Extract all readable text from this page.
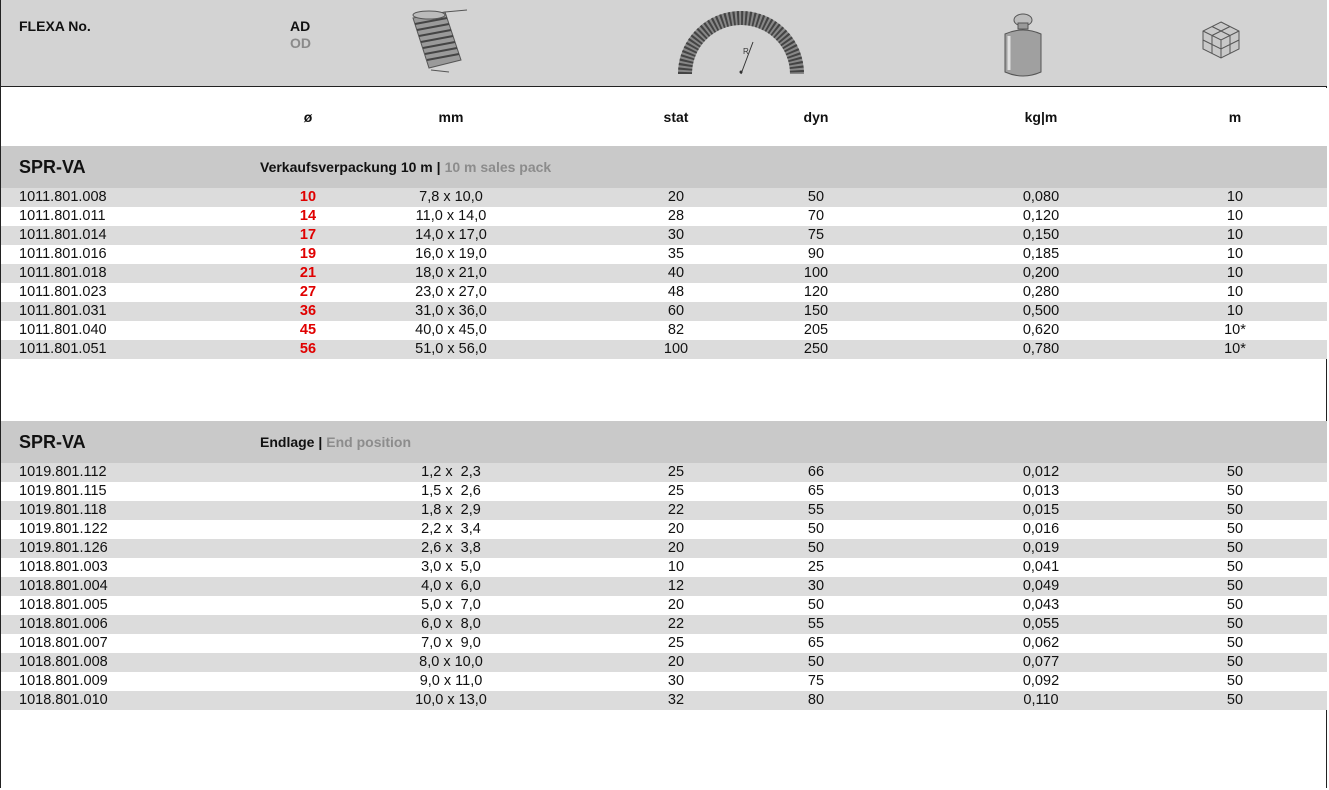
FLEXA No.	AD
OD
R
ø	mm	stat	dyn	kg|m	m
SPR-VA	Verkaufsverpackung 10 m | 10 m sales pack
1011.801.008	10	7,8 x 10,0	20	50	0,080	10
1011.801.011	14	11,0 x 14,0	28	70	0,120	10
1011.801.014	17	14,0 x 17,0	30	75	0,150	10
1011.801.016	19	16,0 x 19,0	35	90	0,185	10
1011.801.018	21	18,0 x 21,0	40	100	0,200	10
1011.801.023	27	23,0 x 27,0	48	120	0,280	10
1011.801.031	36	31,0 x 36,0	60	150	0,500	10
1011.801.040	45	40,0 x 45,0	82	205	0,620	10*
1011.801.051	56	51,0 x 56,0	100	250	0,780	10*
SPR-VA	Endlage | End position
1019.801.112	1,2 x  2,3	25	66	0,012	50
1019.801.115	1,5 x  2,6	25	65	0,013	50
1019.801.118	1,8 x  2,9	22	55	0,015	50
1019.801.122	2,2 x  3,4	20	50	0,016	50
1019.801.126	2,6 x  3,8	20	50	0,019	50
1018.801.003	3,0 x  5,0	10	25	0,041	50
1018.801.004	4,0 x  6,0	12	30	0,049	50
1018.801.005	5,0 x  7,0	20	50	0,043	50
1018.801.006	6,0 x  8,0	22	55	0,055	50
1018.801.007	7,0 x  9,0	25	65	0,062	50
1018.801.008	8,0 x 10,0	20	50	0,077	50
1018.801.009	9,0 x 11,0	30	75	0,092	50
1018.801.010	10,0 x 13,0	32	80	0,110	50
